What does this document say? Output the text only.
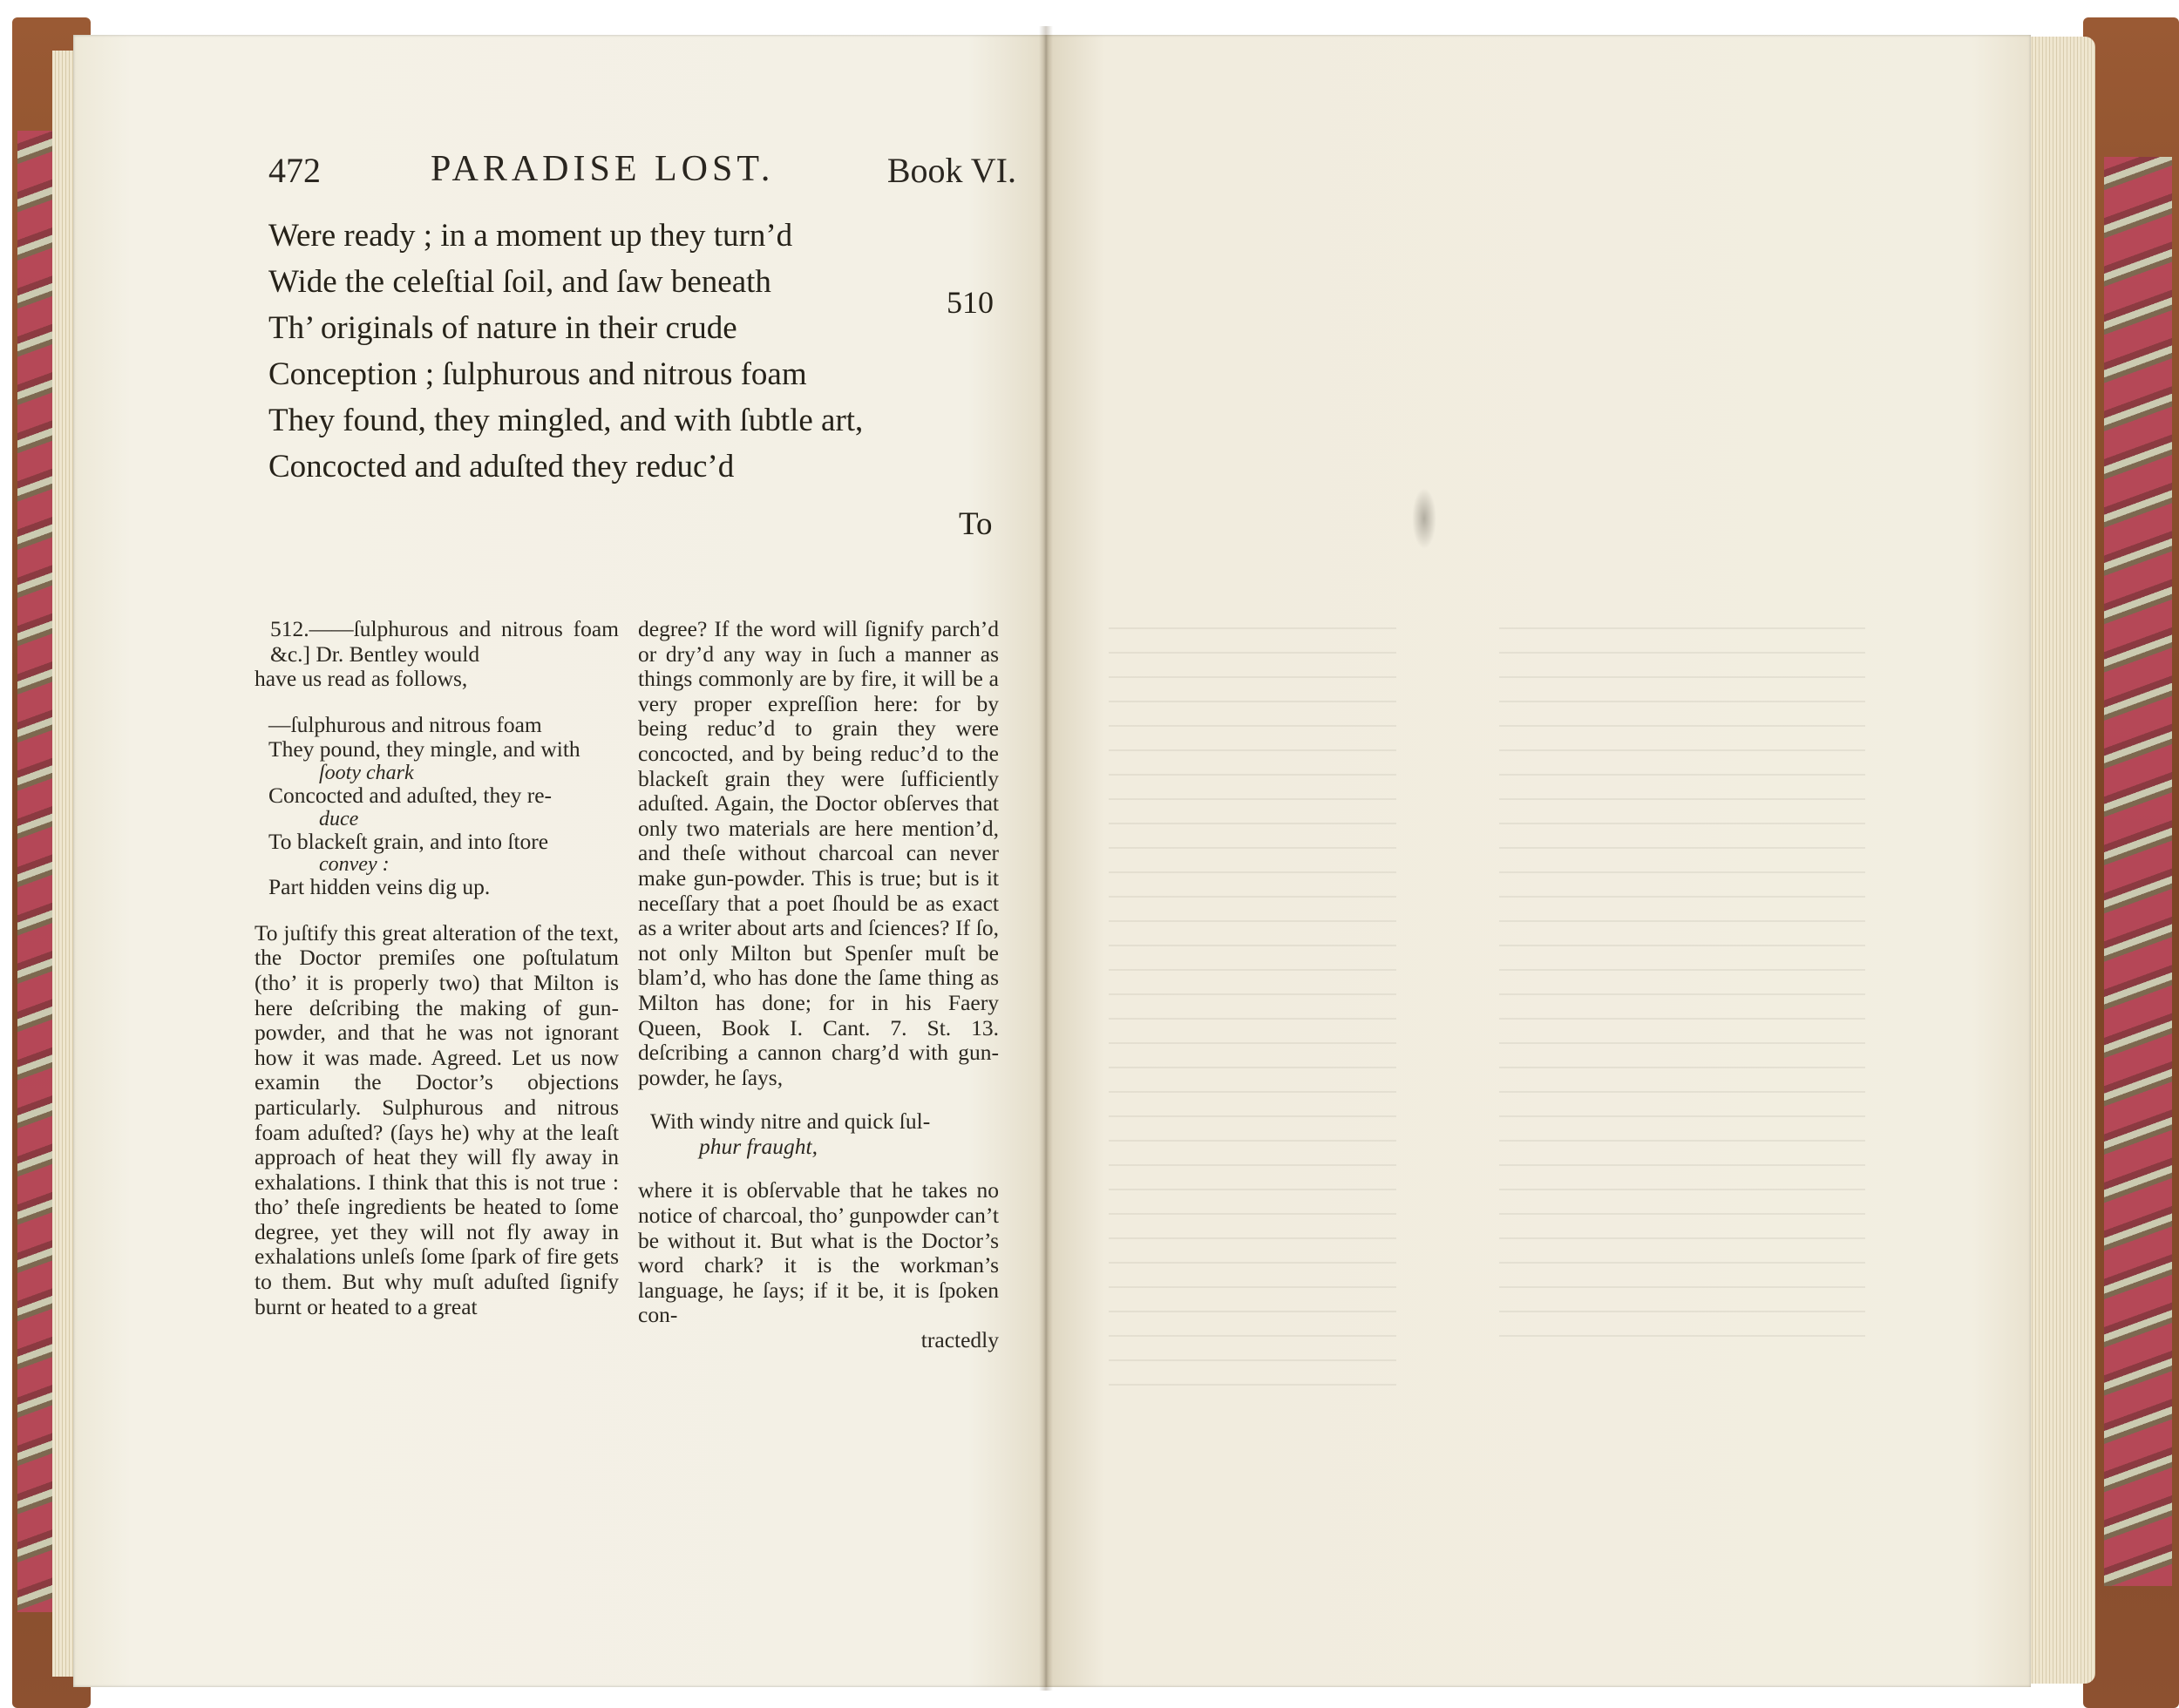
472	PARADISE LOST.	Book VI.
Were ready ; in a moment up they turn’d
Wide the celeſtial ſoil, and ſaw beneath
Th’ originals of nature in their crude
Conception ; ſulphurous and nitrous foam
They found, they mingled, and with ſubtle art,
Concocted and aduſted they reduc’d
510
To

512.——ſulphurous and nitrous foam &c.] Dr. Bentley would

have us read as follows,

—ſulphurous and nitrous foam

They pound, they mingle, and with

ſooty chark

Concocted and aduſted, they re-

duce

To blackeſt grain, and into ſtore

convey :

Part hidden veins dig up.

To juſtify this great alteration of the text, the Doctor premiſes one poſtulatum (tho’ it is properly two) that Milton is here deſcribing the making of gun-powder, and that he was not ignorant how it was made. Agreed. Let us now examin the Doctor’s objections particularly. Sulphurous and nitrous foam aduſted? (ſays he) why at the leaſt approach of heat they will fly away in exhalations. I think that this is not true : tho’ theſe ingredients be heated to ſome degree, yet they will not fly away in exhalations unleſs ſome ſpark of fire gets to them. But why muſt aduſted ſignify burnt or heated to a great

degree? If the word will ſignify parch’d or dry’d any way in ſuch a manner as things commonly are by fire, it will be a very proper expreſſion here: for by being reduc’d to grain they were concocted, and by being reduc’d to the blackeſt grain they were ſufficiently aduſted. Again, the Doctor obſerves that only two materials are here mention’d, and theſe without charcoal can never make gun-powder. This is true; but is it neceſſary that a poet ſhould be as exact as a writer about arts and ſciences? If ſo, not only Milton but Spenſer muſt be blam’d, who has done the ſame thing as Milton has done; for in his Faery Queen, Book I. Cant. 7. St. 13. deſcribing a cannon charg’d with gun-powder, he ſays,

With windy nitre and quick ſul-

phur fraught,

where it is obſervable that he takes no notice of charcoal, tho’ gunpowder can’t be without it. But what is the Doctor’s word chark? it is the workman’s language, he ſays; if it be, it is ſpoken con-

tractedly
